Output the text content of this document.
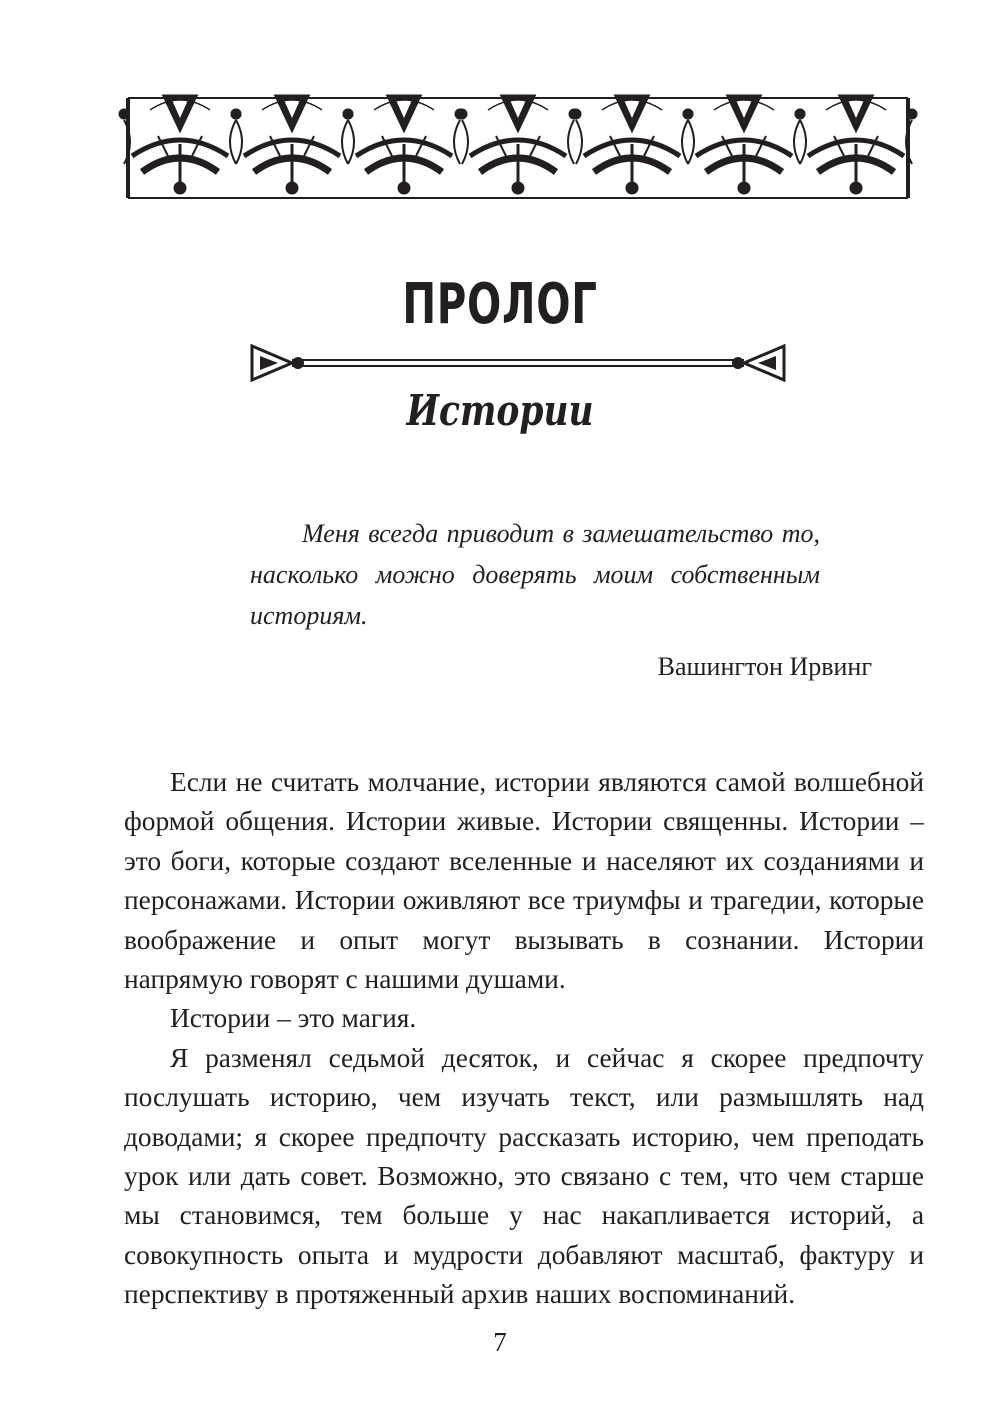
ПРОЛОГ
Истории

Меня всегда приводит в замешательство то, насколько можно доверять моим собственным историям.

Вашингтон Ирвинг

Если не считать молчание, истории являются самой волшебной формой общения. Истории живые. Истории священны. Истории – это боги, которые создают вселенные и населяют их созданиями и персонажами. Истории оживляют все триумфы и трагедии, которые воображение и опыт могут вызывать в сознании. Истории напрямую говорят с нашими душами.

Истории – это магия.

Я разменял седьмой десяток, и сейчас я скорее предпочту послушать историю, чем изучать текст, или размышлять над доводами; я скорее предпочту рассказать историю, чем преподать урок или дать совет. Возможно, это связано с тем, что чем старше мы становимся, тем больше у нас накапливается историй, а совокупность опыта и мудрости добавляют масштаб, фактуру и перспективу в протяженный архив наших воспоминаний.

7
